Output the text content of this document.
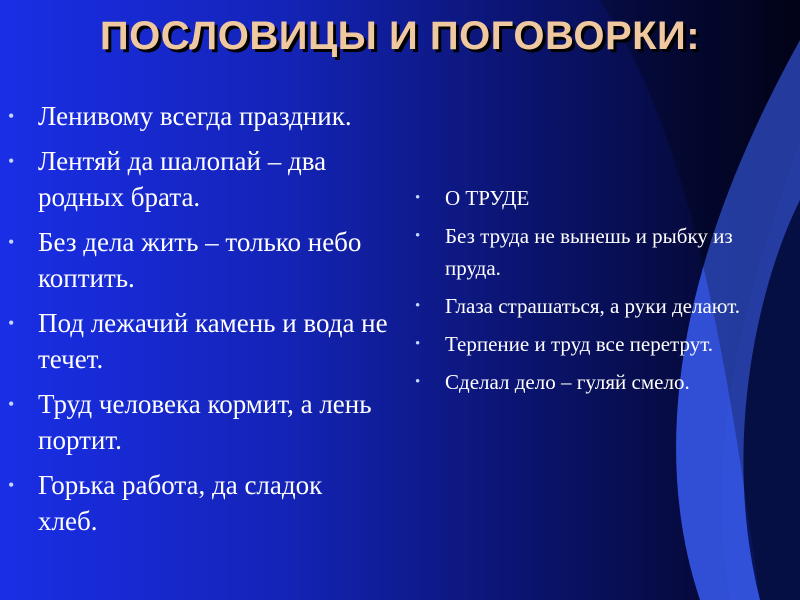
ПОСЛОВИЦЫ И ПОГОВОРКИ:
• Ленивому всегда праздник.
• Лентяй да шалопай – два родных брата.
• Без дела жить – только небо коптить.
• Под лежачий камень и вода не течет.
• Труд человека кормит, а лень портит.
• Горька работа, да сладок хлеб.
• О ТРУДЕ
• Без труда не вынешь и рыбку из пруда.
• Глаза страшаться, а руки делают.
• Терпение и труд все перетрут.
• Сделал дело – гуляй смело.
